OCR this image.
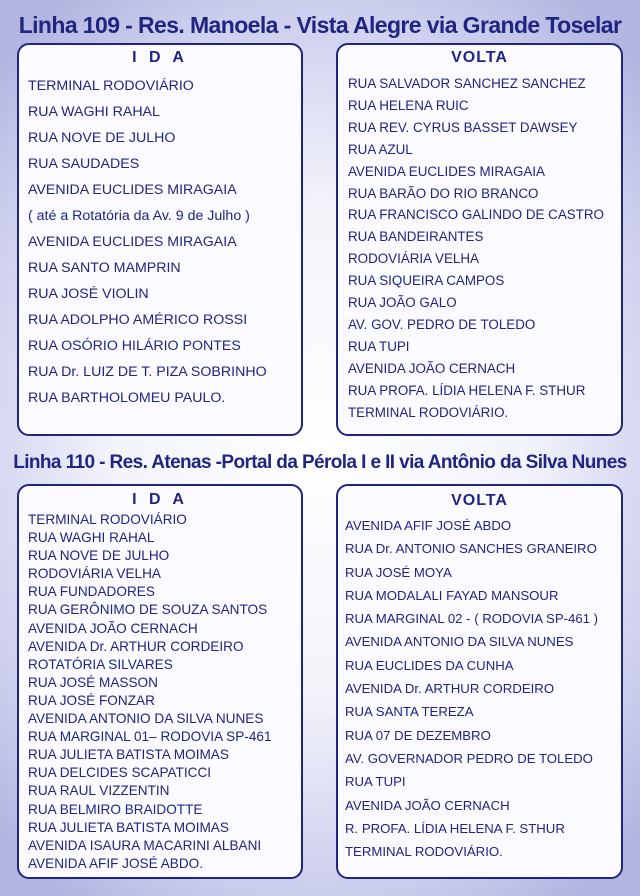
Linha 109 - Res. Manoela - Vista Alegre via Grande Toselar
I D A
TERMINAL RODOVIÁRIO
RUA WAGHI RAHAL
RUA NOVE DE JULHO
RUA SAUDADES
AVENIDA EUCLIDES MIRAGAIA
( até a Rotatória da Av. 9 de Julho )
AVENIDA EUCLIDES MIRAGAIA
RUA SANTO MAMPRIN
RUA JOSÉ VIOLIN
RUA ADOLPHO AMÉRICO ROSSI
RUA OSÓRIO HILÁRIO PONTES
RUA Dr. LUIZ DE T. PIZA SOBRINHO
RUA BARTHOLOMEU PAULO.
VOLTA
RUA SALVADOR SANCHEZ SANCHEZ
RUA HELENA RUIC
RUA REV. CYRUS BASSET DAWSEY
RUA AZUL
AVENIDA EUCLIDES MIRAGAIA
RUA BARÃO DO RIO BRANCO
RUA FRANCISCO GALINDO DE CASTRO
RUA BANDEIRANTES
RODOVIÁRIA VELHA
RUA SIQUEIRA CAMPOS
RUA JOÃO GALO
AV. GOV. PEDRO DE TOLEDO
RUA TUPI
AVENIDA JOÃO CERNACH
RUA PROFA. LÍDIA HELENA F. STHUR
TERMINAL RODOVIÁRIO.
Linha 110 - Res. Atenas -Portal da Pérola I e II via Antônio da Silva Nunes
I D A
TERMINAL RODOVIÁRIO
RUA WAGHI RAHAL
RUA NOVE DE JULHO
RODOVIÁRIA VELHA
RUA FUNDADORES
RUA GERÔNIMO DE SOUZA SANTOS
AVENIDA JOÃO CERNACH
AVENIDA Dr. ARTHUR CORDEIRO
ROTATÓRIA SILVARES
RUA JOSÉ MASSON
RUA JOSÉ FONZAR
AVENIDA ANTONIO DA SILVA NUNES
RUA MARGINAL 01– RODOVIA SP-461
RUA JULIETA BATISTA MOIMAS
RUA DELCIDES SCAPATICCI
RUA RAUL VIZZENTIN
RUA BELMIRO BRAIDOTTE
RUA JULIETA BATISTA MOIMAS
AVENIDA ISAURA MACARINI ALBANI
AVENIDA AFIF JOSÉ ABDO.
VOLTA
AVENIDA AFIF JOSÉ ABDO
RUA Dr. ANTONIO SANCHES GRANEIRO
RUA JOSÉ MOYA
RUA MODALALI FAYAD MANSOUR
RUA MARGINAL 02 - ( RODOVIA SP-461 )
AVENIDA ANTONIO DA SILVA NUNES
RUA EUCLIDES DA CUNHA
AVENIDA Dr. ARTHUR CORDEIRO
RUA SANTA TEREZA
RUA 07 DE DEZEMBRO
AV. GOVERNADOR PEDRO DE TOLEDO
RUA TUPI
AVENIDA JOÃO CERNACH
R. PROFA. LÍDIA HELENA F. STHUR
TERMINAL RODOVIÁRIO.
